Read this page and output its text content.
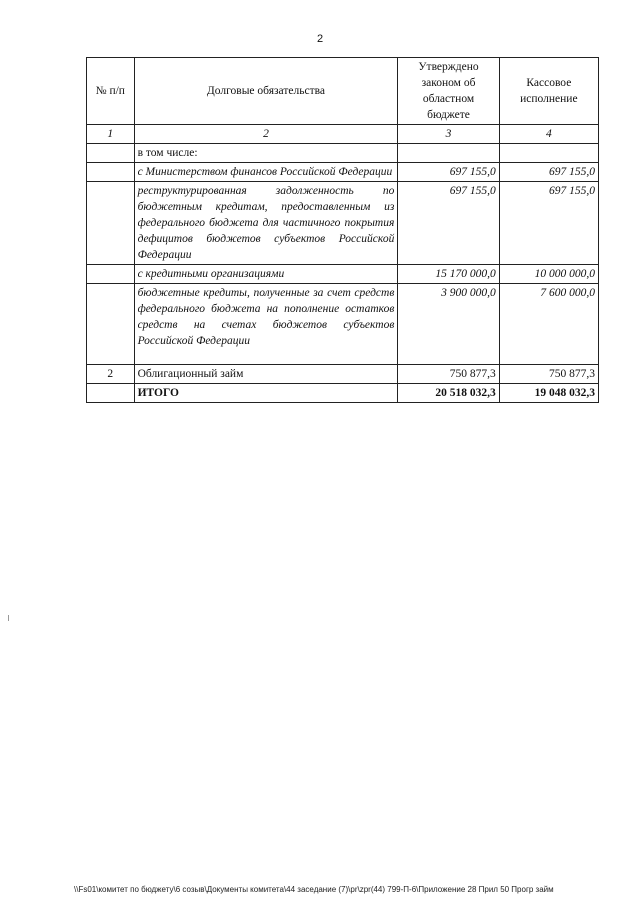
2
№ п/п	Долговые обязательства	Утверждено законом об областном бюджете	Кассовое исполнение
1	2	3	4
	в том числе:		
	с Министерством финансов Российской Федерации	697 155,0	697 155,0
	реструктурированная задолженность по бюджетным кредитам, предоставленным из федерального бюджета для частичного покрытия дефицитов бюджетов субъектов Российской Федерации	697 155,0	697 155,0
	с кредитными организациями	15 170 000,0	10 000 000,0
	бюджетные кредиты, полученные за счет средств федерального бюджета на пополнение остатков средств на счетах бюджетов субъектов Российской Федерации	3 900 000,0	7 600 000,0
2	Облигационный займ	750 877,3	750 877,3
	ИТОГО	20 518 032,3	19 048 032,3
\\Fs01\комитет по бюджету\6 созыв\Документы комитета\44 заседание (7)\pr\zpr(44) 799-П-6\Приложение 28 Прил 50 Прогр займ
